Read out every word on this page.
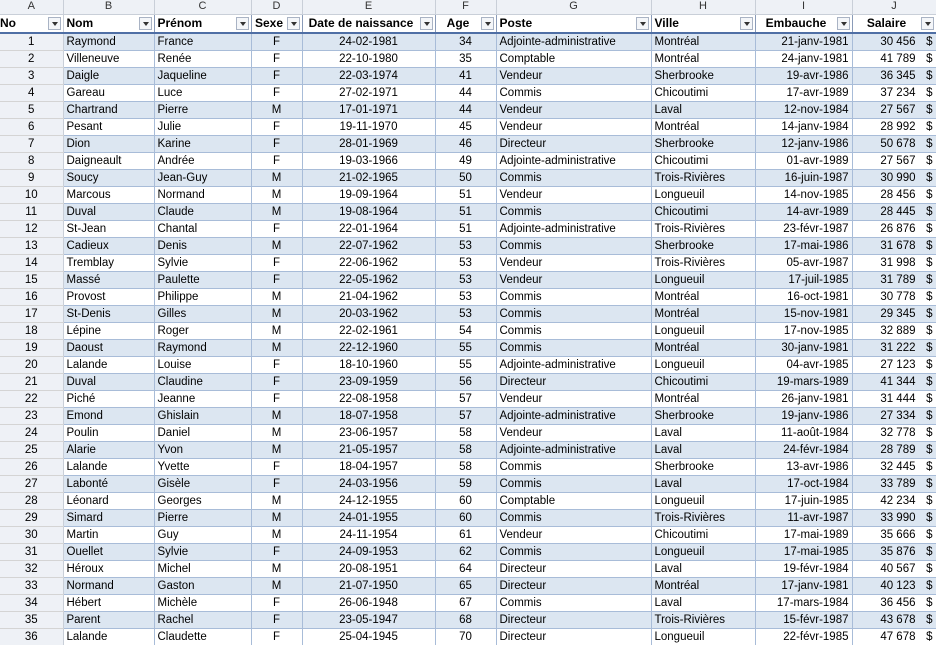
A	B	C	D	E	F	G	H	I	J
No	Nom	Prénom	Sexe	Date de naissance	Age	Poste	Ville	Embauche	Salaire

1	Raymond	France	F	24-02-1981	34	Adjointe-administrative	Montréal	21-janv-1981	30 456 $

2	Villeneuve	Renée	F	22-10-1980	35	Comptable	Montréal	24-janv-1981	41 789 $

3	Daigle	Jaqueline	F	22-03-1974	41	Vendeur	Sherbrooke	19-avr-1986	36 345 $

4	Gareau	Luce	F	27-02-1971	44	Commis	Chicoutimi	17-avr-1989	37 234 $

5	Chartrand	Pierre	M	17-01-1971	44	Vendeur	Laval	12-nov-1984	27 567 $

6	Pesant	Julie	F	19-11-1970	45	Vendeur	Montréal	14-janv-1984	28 992 $

7	Dion	Karine	F	28-01-1969	46	Directeur	Sherbrooke	12-janv-1986	50 678 $

8	Daigneault	Andrée	F	19-03-1966	49	Adjointe-administrative	Chicoutimi	01-avr-1989	27 567 $

9	Soucy	Jean-Guy	M	21-02-1965	50	Commis	Trois-Rivières	16-juin-1987	30 990 $

10	Marcous	Normand	M	19-09-1964	51	Vendeur	Longueuil	14-nov-1985	28 456 $

11	Duval	Claude	M	19-08-1964	51	Commis	Chicoutimi	14-avr-1989	28 445 $

12	St-Jean	Chantal	F	22-01-1964	51	Adjointe-administrative	Trois-Rivières	23-févr-1987	26 876 $

13	Cadieux	Denis	M	22-07-1962	53	Commis	Sherbrooke	17-mai-1986	31 678 $

14	Tremblay	Sylvie	F	22-06-1962	53	Vendeur	Trois-Rivières	05-avr-1987	31 998 $

15	Massé	Paulette	F	22-05-1962	53	Vendeur	Longueuil	17-juil-1985	31 789 $

16	Provost	Philippe	M	21-04-1962	53	Commis	Montréal	16-oct-1981	30 778 $

17	St-Denis	Gilles	M	20-03-1962	53	Commis	Montréal	15-nov-1981	29 345 $

18	Lépine	Roger	M	22-02-1961	54	Commis	Longueuil	17-nov-1985	32 889 $

19	Daoust	Raymond	M	22-12-1960	55	Commis	Montréal	30-janv-1981	31 222 $

20	Lalande	Louise	F	18-10-1960	55	Adjointe-administrative	Longueuil	04-avr-1985	27 123 $

21	Duval	Claudine	F	23-09-1959	56	Directeur	Chicoutimi	19-mars-1989	41 344 $

22	Piché	Jeanne	F	22-08-1958	57	Vendeur	Montréal	26-janv-1981	31 444 $

23	Emond	Ghislain	M	18-07-1958	57	Adjointe-administrative	Sherbrooke	19-janv-1986	27 334 $

24	Poulin	Daniel	M	23-06-1957	58	Vendeur	Laval	11-août-1984	32 778 $

25	Alarie	Yvon	M	21-05-1957	58	Adjointe-administrative	Laval	24-févr-1984	28 789 $

26	Lalande	Yvette	F	18-04-1957	58	Commis	Sherbrooke	13-avr-1986	32 445 $

27	Labonté	Gisèle	F	24-03-1956	59	Commis	Laval	17-oct-1984	33 789 $

28	Léonard	Georges	M	24-12-1955	60	Comptable	Longueuil	17-juin-1985	42 234 $

29	Simard	Pierre	M	24-01-1955	60	Commis	Trois-Rivières	11-avr-1987	33 990 $

30	Martin	Guy	M	24-11-1954	61	Vendeur	Chicoutimi	17-mai-1989	35 666 $

31	Ouellet	Sylvie	F	24-09-1953	62	Commis	Longueuil	17-mai-1985	35 876 $

32	Héroux	Michel	M	20-08-1951	64	Directeur	Laval	19-févr-1984	40 567 $

33	Normand	Gaston	M	21-07-1950	65	Directeur	Montréal	17-janv-1981	40 123 $

34	Hébert	Michèle	F	26-06-1948	67	Commis	Laval	17-mars-1984	36 456 $

35	Parent	Rachel	F	23-05-1947	68	Directeur	Trois-Rivières	15-févr-1987	43 678 $

36	Lalande	Claudette	F	25-04-1945	70	Directeur	Longueuil	22-févr-1985	47 678 $
